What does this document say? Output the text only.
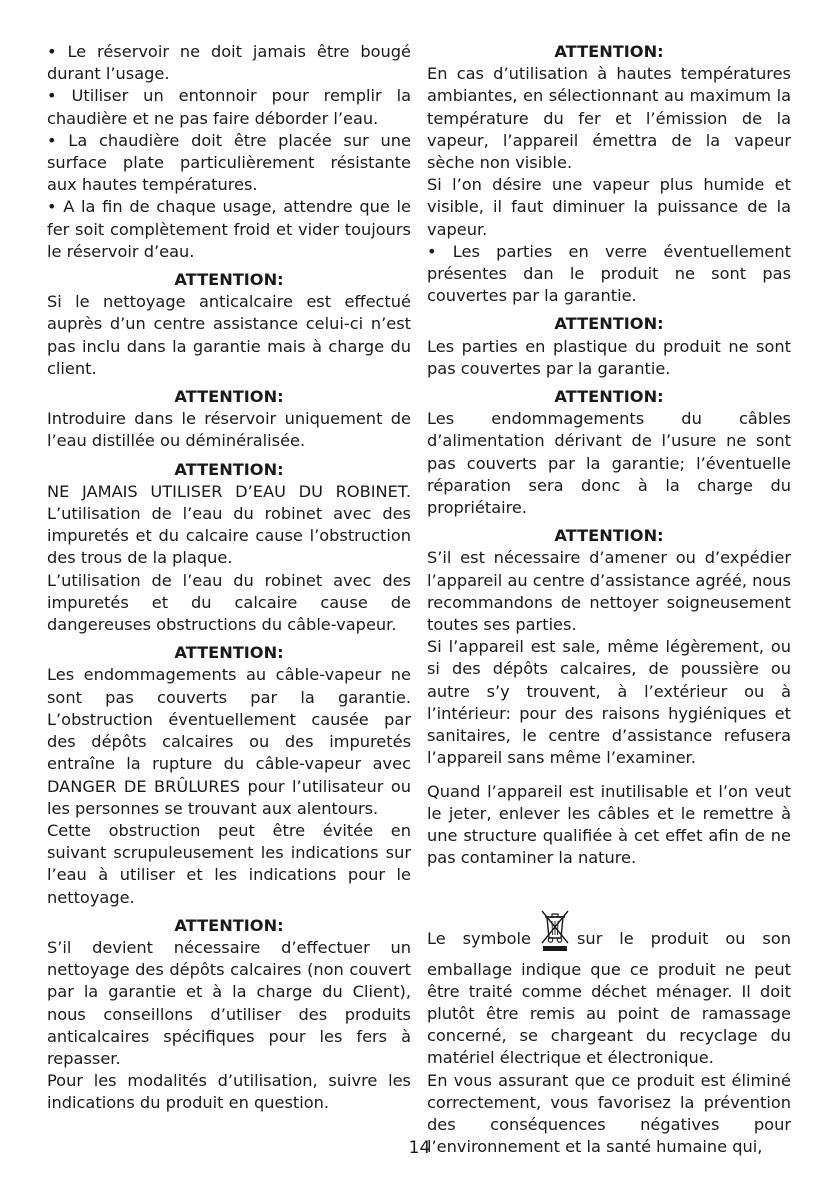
• Le réservoir ne doit jamais être bougé durant l’usage.

• Utiliser un entonnoir pour remplir la chaudière et ne pas faire déborder l’eau.

• La chaudière doit être placée sur une surface plate particulièrement résistante aux hautes températures.

• A la fin de chaque usage, attendre que le fer soit complètement froid et vider toujours le réservoir d’eau.

ATTENTION:

Si le nettoyage anticalcaire est effectué auprès d’un centre assistance celui-ci n’est pas inclu dans la garantie mais à charge du client.

ATTENTION:

Introduire dans le réservoir uniquement de l’eau distillée ou déminéralisée.

ATTENTION:

NE JAMAIS UTILISER D’EAU DU ROBINET. L’utilisation de l’eau du robinet avec des impuretés et du calcaire cause l’obstruction des trous de la plaque.

L’utilisation de l’eau du robinet avec des impuretés et du calcaire cause de dangereuses obstructions du câble-vapeur.

ATTENTION:

Les endommagements au câble-vapeur ne sont pas couverts par la garantie. L’obstruction éventuellement causée par des dépôts calcaires ou des impuretés entraîne la rupture du câble-vapeur avec DANGER DE BRÛLURES pour l’utilisateur ou les personnes se trouvant aux alentours.

Cette obstruction peut être évitée en suivant scrupuleusement les indications sur l’eau à utiliser et les indications pour le nettoyage.

ATTENTION:

S’il devient nécessaire d’effectuer un nettoyage des dépôts calcaires (non couvert par la garantie et à la charge du Client), nous conseillons d’utiliser des produits anticalcaires spécifiques pour les fers à repasser.

Pour les modalités d’utilisation, suivre les indications du produit en question.

ATTENTION:

En cas d’utilisation à hautes températures ambiantes, en sélectionnant au maximum la température du fer et l’émission de la vapeur, l’appareil émettra de la vapeur sèche non visible.

Si l’on désire une vapeur plus humide et visible, il faut diminuer la puissance de la vapeur.

• Les parties en verre éventuellement présentes dan le produit ne sont pas couvertes par la garantie.

ATTENTION:

Les parties en plastique du produit ne sont pas couvertes par la garantie.

ATTENTION:

Les endommagements du câbles d’alimentation dérivant de l’usure ne sont pas couverts par la garantie; l’éventuelle réparation sera donc à la charge du propriétaire.

ATTENTION:

S’il est nécessaire d’amener ou d’expédier l’appareil au centre d’assistance agréé, nous recommandons de nettoyer soigneusement toutes ses parties.

Si l’appareil est sale, même légèrement, ou si des dépôts calcaires, de poussière ou autre s’y trouvent, à l’extérieur ou à l’intérieur: pour des raisons hygiéniques et sanitaires, le centre d’assistance refusera l’appareil sans même l’examiner.

Quand l’appareil est inutilisable et l’on veut le jeter, enlever les câbles et le remettre à une structure qualifiée à cet effet afin de ne pas contaminer la nature.

Le symbole	sur le produit ou son emballage indique que ce produit ne peut être traité comme déchet ménager. Il doit plutôt être remis au point de ramassage concerné, se chargeant du recyclage du matériel électrique et électronique.

En vous assurant que ce produit est éliminé correctement, vous favorisez la prévention des conséquences négatives pour l’environnement et la santé humaine qui,

14
